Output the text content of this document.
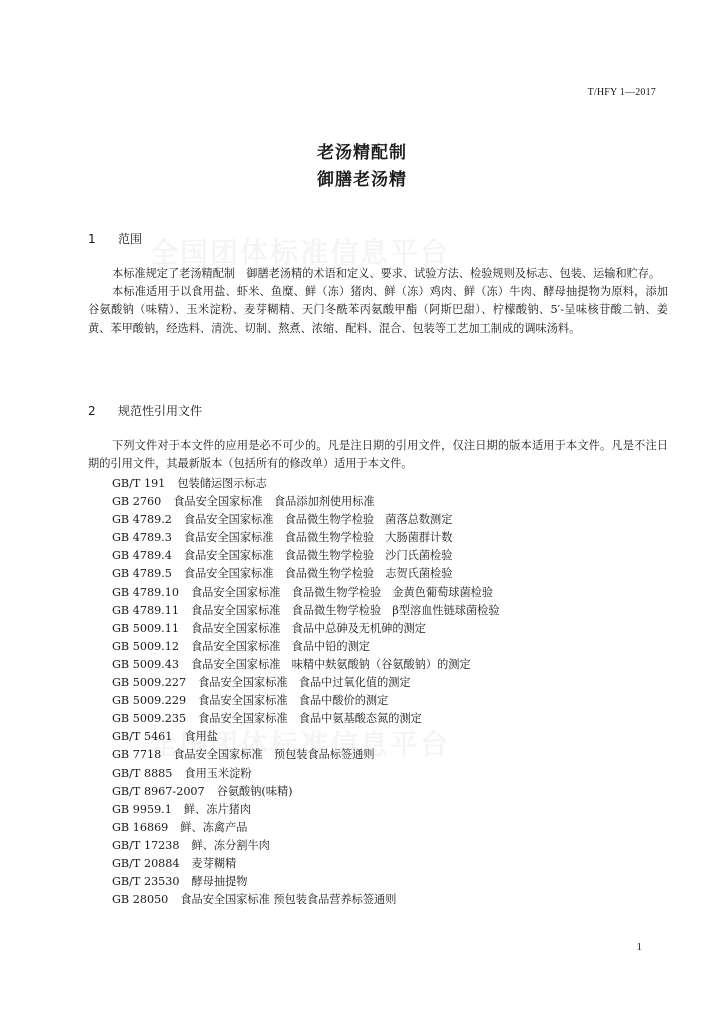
T/HFY 1—2017
老汤精配制
御膳老汤精
1 范围

本标准规定了老汤精配制　御膳老汤精的术语和定义、要求、试验方法、检验规则及标志、包装、运输和贮存。

本标准适用于以食用盐、虾米、鱼糜、鲜（冻）猪肉、鲜（冻）鸡肉、鲜（冻）牛肉、酵母抽提物为原料，添加谷氨酸钠（味精）、玉米淀粉、麦芽糊精、天门冬酰苯丙氨酸甲酯（阿斯巴甜）、柠檬酸钠、5′-呈味核苷酸二钠、姜黄、苯甲酸钠，经选料、清洗、切制、熬煮、浓缩、配料、混合、包装等工艺加工制成的调味汤料。

2 规范性引用文件

下列文件对于本文件的应用是必不可少的。凡是注日期的引用文件，仅注日期的版本适用于本文件。凡是不注日期的引用文件，其最新版本（包括所有的修改单）适用于本文件。

GB/T 191 包装储运图示标志
GB 2760 食品安全国家标准　食品添加剂使用标准
GB 4789.2 食品安全国家标准　食品微生物学检验　菌落总数测定
GB 4789.3 食品安全国家标准　食品微生物学检验　大肠菌群计数
GB 4789.4 食品安全国家标准　食品微生物学检验　沙门氏菌检验
GB 4789.5 食品安全国家标准　食品微生物学检验　志贺氏菌检验
GB 4789.10 食品安全国家标准　食品微生物学检验　金黄色葡萄球菌检验
GB 4789.11 食品安全国家标准　食品微生物学检验　β型溶血性链球菌检验
GB 5009.11 食品安全国家标准　食品中总砷及无机砷的测定
GB 5009.12 食品安全国家标准　食品中铅的测定
GB 5009.43 食品安全国家标准　味精中麸氨酸钠（谷氨酸钠）的测定
GB 5009.227 食品安全国家标准　食品中过氧化值的测定
GB 5009.229 食品安全国家标准　食品中酸价的测定
GB 5009.235 食品安全国家标准　食品中氨基酸态氮的测定
GB/T 5461 食用盐
GB 7718 食品安全国家标准　预包装食品标签通则
GB/T 8885 食用玉米淀粉
GB/T 8967-2007 谷氨酸钠(味精)
GB 9959.1 鲜、冻片猪肉
GB 16869 鲜、冻禽产品
GB/T 17238 鲜、冻分割牛肉
GB/T 20884 麦芽糊精
GB/T 23530 酵母抽提物
GB 28050 食品安全国家标准 预包装食品营养标签通则
1
